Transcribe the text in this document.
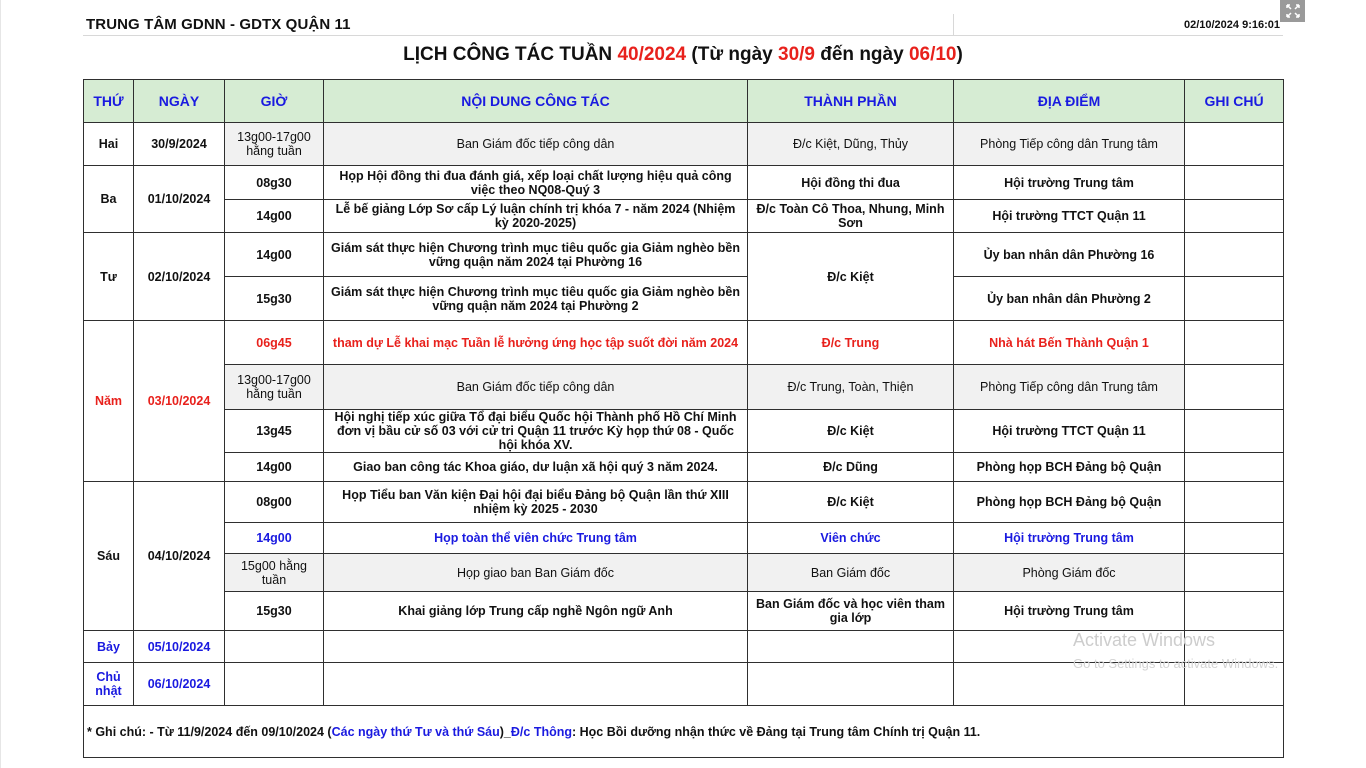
TRUNG TÂM GDNN - GDTX QUẬN 11	02/10/2024 9:16:01
LỊCH CÔNG TÁC TUẦN 40/2024 (Từ ngày 30/9 đến ngày 06/10)
THỨ	NGÀY	GIỜ	NỘI DUNG CÔNG TÁC	THÀNH PHẦN	ĐỊA ĐIỂM	GHI CHÚ
Hai	30/9/2024	13g00-17g00 hằng tuần	Ban Giám đốc tiếp công dân	Đ/c Kiệt, Dũng, Thủy	Phòng Tiếp công dân Trung tâm	
Ba	01/10/2024	08g30	Họp Hội đồng thi đua đánh giá, xếp loại chất lượng hiệu quả công việc theo NQ08-Quý 3	Hội đồng thi đua	Hội trường Trung tâm	
		14g00	Lễ bế giảng Lớp Sơ cấp Lý luận chính trị khóa 7 - năm 2024 (Nhiệm kỳ 2020-2025)	Đ/c Toàn Cô Thoa, Nhung, Minh Sơn	Hội trường TTCT Quận 11	
Tư	02/10/2024	14g00	Giám sát thực hiện Chương trình mục tiêu quốc gia Giảm nghèo bền vững quận năm 2024 tại Phường 16	Đ/c Kiệt	Ủy ban nhân dân Phường 16	
		15g30	Giám sát thực hiện Chương trình mục tiêu quốc gia Giảm nghèo bền vững quận năm 2024 tại Phường 2		Ủy ban nhân dân Phường 2	
Năm	03/10/2024	06g45	tham dự Lễ khai mạc Tuần lễ hưởng ứng học tập suốt đời năm 2024	Đ/c Trung	Nhà hát Bến Thành Quận 1	
		13g00-17g00 hằng tuần	Ban Giám đốc tiếp công dân	Đ/c Trung, Toàn, Thiện	Phòng Tiếp công dân Trung tâm	
		13g45	Hội nghị tiếp xúc giữa Tổ đại biểu Quốc hội Thành phố Hồ Chí Minh đơn vị bầu cử số 03 với cử tri Quận 11 trước Kỳ họp thứ 08 - Quốc hội khóa XV.	Đ/c Kiệt	Hội trường TTCT Quận 11	
		14g00	Giao ban công tác Khoa giáo, dư luận xã hội quý 3 năm 2024.	Đ/c Dũng	Phòng họp BCH Đảng bộ Quận	
Sáu	04/10/2024	08g00	Họp Tiểu ban Văn kiện Đại hội đại biểu Đảng bộ Quận lần thứ XIII nhiệm kỳ 2025 - 2030	Đ/c Kiệt	Phòng họp BCH Đảng bộ Quận	
		14g00	Họp toàn thể viên chức Trung tâm	Viên chức	Hội trường Trung tâm	
		15g00 hằng tuần	Họp giao ban Ban Giám đốc	Ban Giám đốc	Phòng Giám đốc	
		15g30	Khai giảng lớp Trung cấp nghề Ngôn ngữ Anh	Ban Giám đốc và học viên tham gia lớp	Hội trường Trung tâm	
Bảy	05/10/2024					
Chủ nhật	06/10/2024					
* Ghi chú: - Từ 11/9/2024 đến 09/10/2024 (Các ngày thứ Tư và thứ Sáu)_Đ/c Thông: Học Bồi dưỡng nhận thức về Đảng tại Trung tâm Chính trị Quận 11.						
Activate Windows
Go to Settings to activate Windows.
